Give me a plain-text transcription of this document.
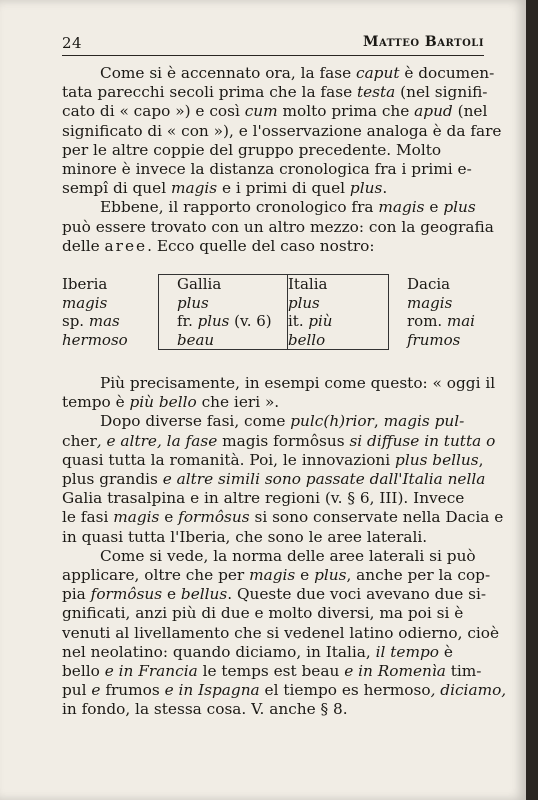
24	Matteo Bartoli
Come si è accennato ora, la fase caput è documen-
tata parecchi secoli prima che la fase testa (nel signifi-
cato di « capo ») e così cum molto prima che apud (nel
significato di « con »), e l'osservazione analoga è da fare
per le altre coppie del gruppo precedente. Molto
minore è invece la distanza cronologica fra i primi e-
sempî di quel magis e i primi di quel plus.
Ebbene, il rapporto cronologico fra magis e plus
può essere trovato con un altro mezzo: con la geografia
delle aree. Ecco quelle del caso nostro:
Iberia	Gallia	Italia	Dacia
magis	plus	plus	magis
sp. mas	fr. plus (v. 6)	it. più	rom. mai
hermoso	beau	bello	frumos
Più precisamente, in esempi come questo: « oggi il
tempo è più bello che ieri ».
Dopo diverse fasi, come pulc(h)rior, magis pul-
cher, e altre, la fase magis formôsus si diffuse in tutta o
quasi tutta la romanità. Poi, le innovazioni plus bellus,
plus grandis e altre simili sono passate dall'Italia nella
Galia trasalpina e in altre regioni (v. § 6, III). Invece
le fasi magis e formôsus si sono conservate nella Dacia e
in quasi tutta l'Iberia, che sono le aree laterali.
Come si vede, la norma delle aree laterali si può
applicare, oltre che per magis e plus, anche per la cop-
pia formôsus e bellus. Queste due voci avevano due si-
gnificati, anzi più di due e molto diversi, ma poi si è
venuti al livellamento che si vedenel latino odierno, cioè
nel neolatino: quando diciamo, in Italia, il tempo è
bello e in Francia le temps est beau e in Romenìa tim-
pul e frumos e in Ispagna el tiempo es hermoso, diciamo,
in fondo, la stessa cosa. V. anche § 8.
